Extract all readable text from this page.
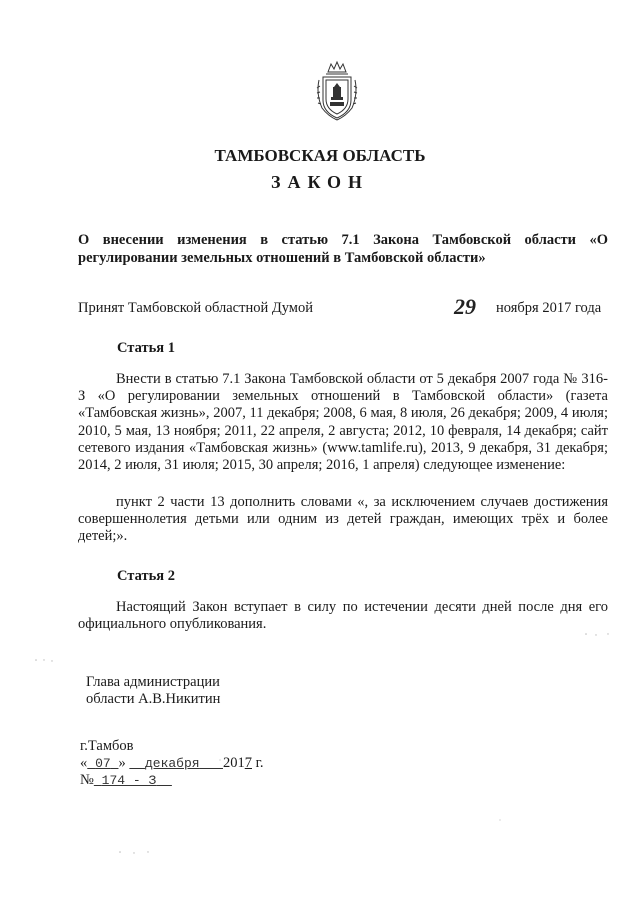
ТАМБОВСКАЯ ОБЛАСТЬ
ЗАКОН
О внесении изменения в статью 7.1 Закона Тамбовской области «О регулировании земельных отношений в Тамбовской области»
Принят Тамбовской областной Думой	29 ноября 2017 года
Статья 1
Внести в статью 7.1 Закона Тамбовской области от 5 декабря 2007 года № 316-З «О регулировании земельных отношений в Тамбовской области» (газета «Тамбовская жизнь», 2007, 11 декабря; 2008, 6 мая, 8 июля, 26 декабря; 2009, 4 июля; 2010, 5 мая, 13 ноября; 2011, 22 апреля, 2 августа; 2012, 10 февраля, 14 декабря; сайт сетевого издания «Тамбовская жизнь» (www.tamlife.ru), 2013, 9 декабря, 31 декабря; 2014, 2 июля, 31 июля; 2015, 30 апреля; 2016, 1 апреля) следующее изменение:
пункт 2 части 13 дополнить словами «, за исключением случаев достижения совершеннолетия детьми или одним из детей граждан, имеющих трёх и более детей;».
Статья 2
Настоящий Закон вступает в силу по истечении десяти дней после дня его официального опубликования.
Глава администрации
области А.В.Никитин
г.Тамбов
« 07 » декабря 2017 г.
№ 174 - З
